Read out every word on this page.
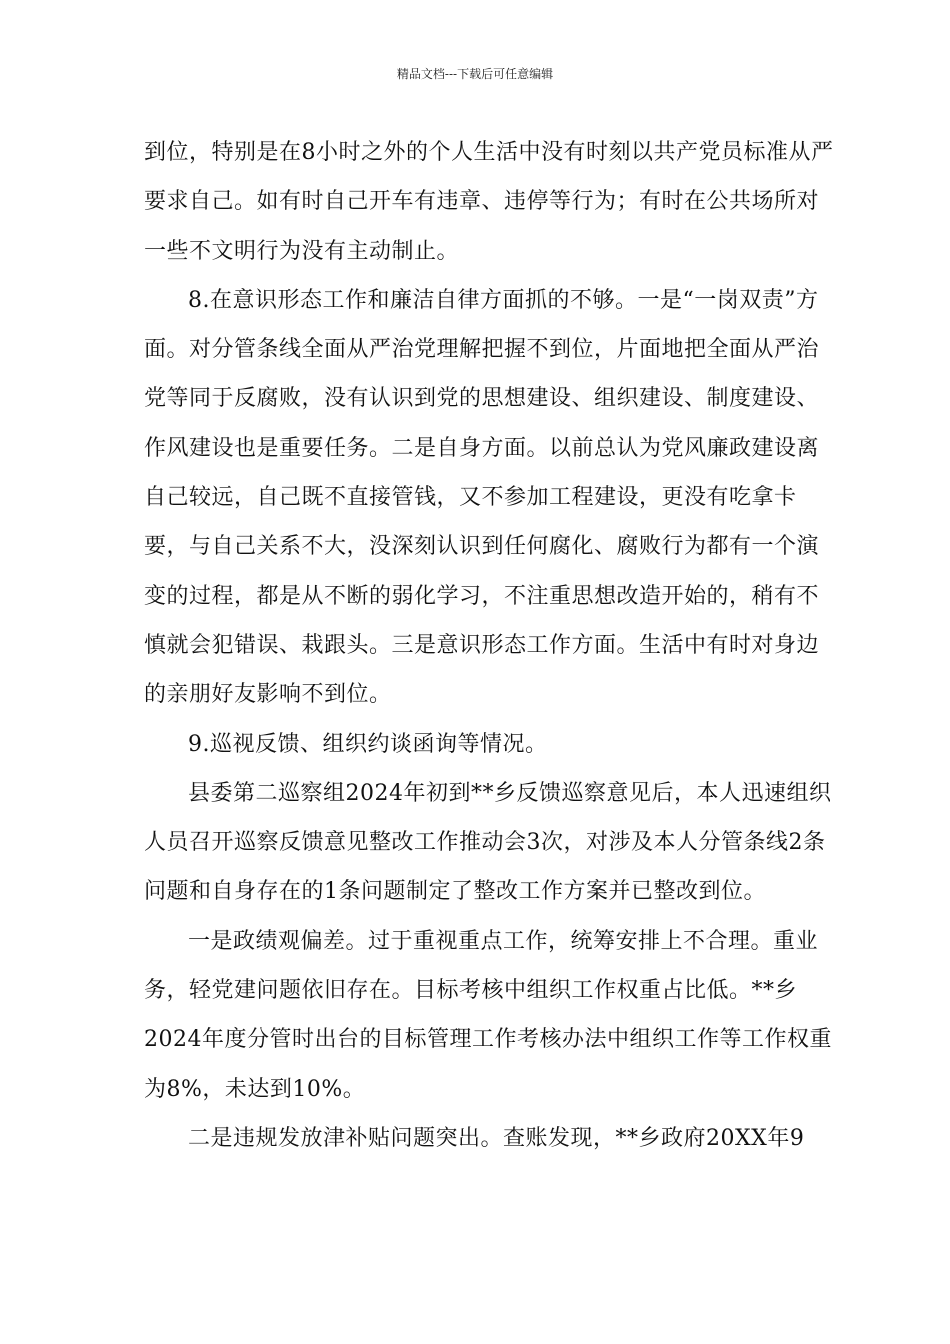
精品文档---下载后可任意编辑

到位，特别是在8小时之外的个人生活中没有时刻以共产党员标准从严要求自己。如有时自己开车有违章、违停等行为；有时在公共场所对一些不文明行为没有主动制止。

8.在意识形态工作和廉洁自律方面抓的不够。一是“一岗双责”方面。对分管条线全面从严治党理解把握不到位，片面地把全面从严治党等同于反腐败，没有认识到党的思想建设、组织建设、制度建设、作风建设也是重要任务。二是自身方面。以前总认为党风廉政建设离自己较远，自己既不直接管钱，又不参加工程建设，更没有吃拿卡要，与自己关系不大，没深刻认识到任何腐化、腐败行为都有一个演变的过程，都是从不断的弱化学习，不注重思想改造开始的，稍有不慎就会犯错误、栽跟头。三是意识形态工作方面。生活中有时对身边的亲朋好友影响不到位。

9.巡视反馈、组织约谈函询等情况。

县委第二巡察组2024年初到**乡反馈巡察意见后，本人迅速组织人员召开巡察反馈意见整改工作推动会3次，对涉及本人分管条线2条问题和自身存在的1条问题制定了整改工作方案并已整改到位。

一是政绩观偏差。过于重视重点工作，统筹安排上不合理。重业务，轻党建问题依旧存在。目标考核中组织工作权重占比低。**乡2024年度分管时出台的目标管理工作考核办法中组织工作等工作权重为8%，未达到10%。

二是违规发放津补贴问题突出。查账发现，**乡政府20XX年9
